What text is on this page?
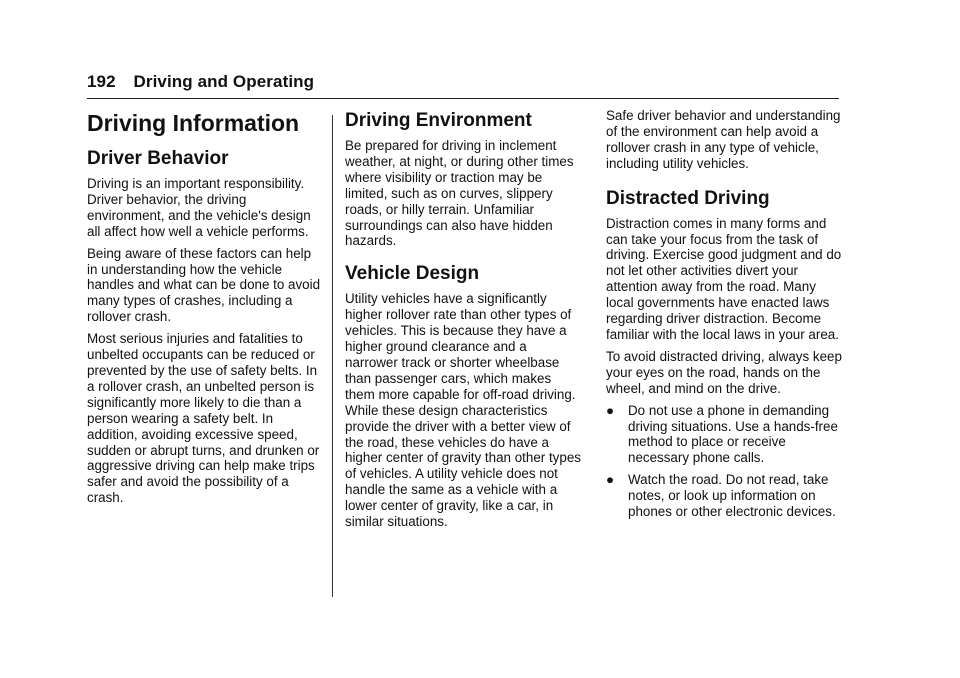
192 Driving and Operating
Driving Information
Driver Behavior

Driving is an important responsibility. Driver behavior, the driving environment, and the vehicle's design all affect how well a vehicle performs.

Being aware of these factors can help in understanding how the vehicle handles and what can be done to avoid many types of crashes, including a rollover crash.

Most serious injuries and fatalities to unbelted occupants can be reduced or prevented by the use of safety belts. In a rollover crash, an unbelted person is significantly more likely to die than a person wearing a safety belt. In addition, avoiding excessive speed, sudden or abrupt turns, and drunken or aggressive driving can help make trips safer and avoid the possibility of a crash.

Driving Environment

Be prepared for driving in inclement weather, at night, or during other times where visibility or traction may be limited, such as on curves, slippery roads, or hilly terrain. Unfamiliar surroundings can also have hidden hazards.

Vehicle Design

Utility vehicles have a significantly higher rollover rate than other types of vehicles. This is because they have a higher ground clearance and a narrower track or shorter wheelbase than passenger cars, which makes them more capable for off-road driving. While these design characteristics provide the driver with a better view of the road, these vehicles do have a higher center of gravity than other types of vehicles. A utility vehicle does not handle the same as a vehicle with a lower center of gravity, like a car, in similar situations.

Safe driver behavior and understanding of the environment can help avoid a rollover crash in any type of vehicle, including utility vehicles.

Distracted Driving

Distraction comes in many forms and can take your focus from the task of driving. Exercise good judgment and do not let other activities divert your attention away from the road. Many local governments have enacted laws regarding driver distraction. Become familiar with the local laws in your area.

To avoid distracted driving, always keep your eyes on the road, hands on the wheel, and mind on the drive.

● Do not use a phone in demanding driving situations. Use a hands-free method to place or receive necessary phone calls.
● Watch the road. Do not read, take notes, or look up information on phones or other electronic devices.
